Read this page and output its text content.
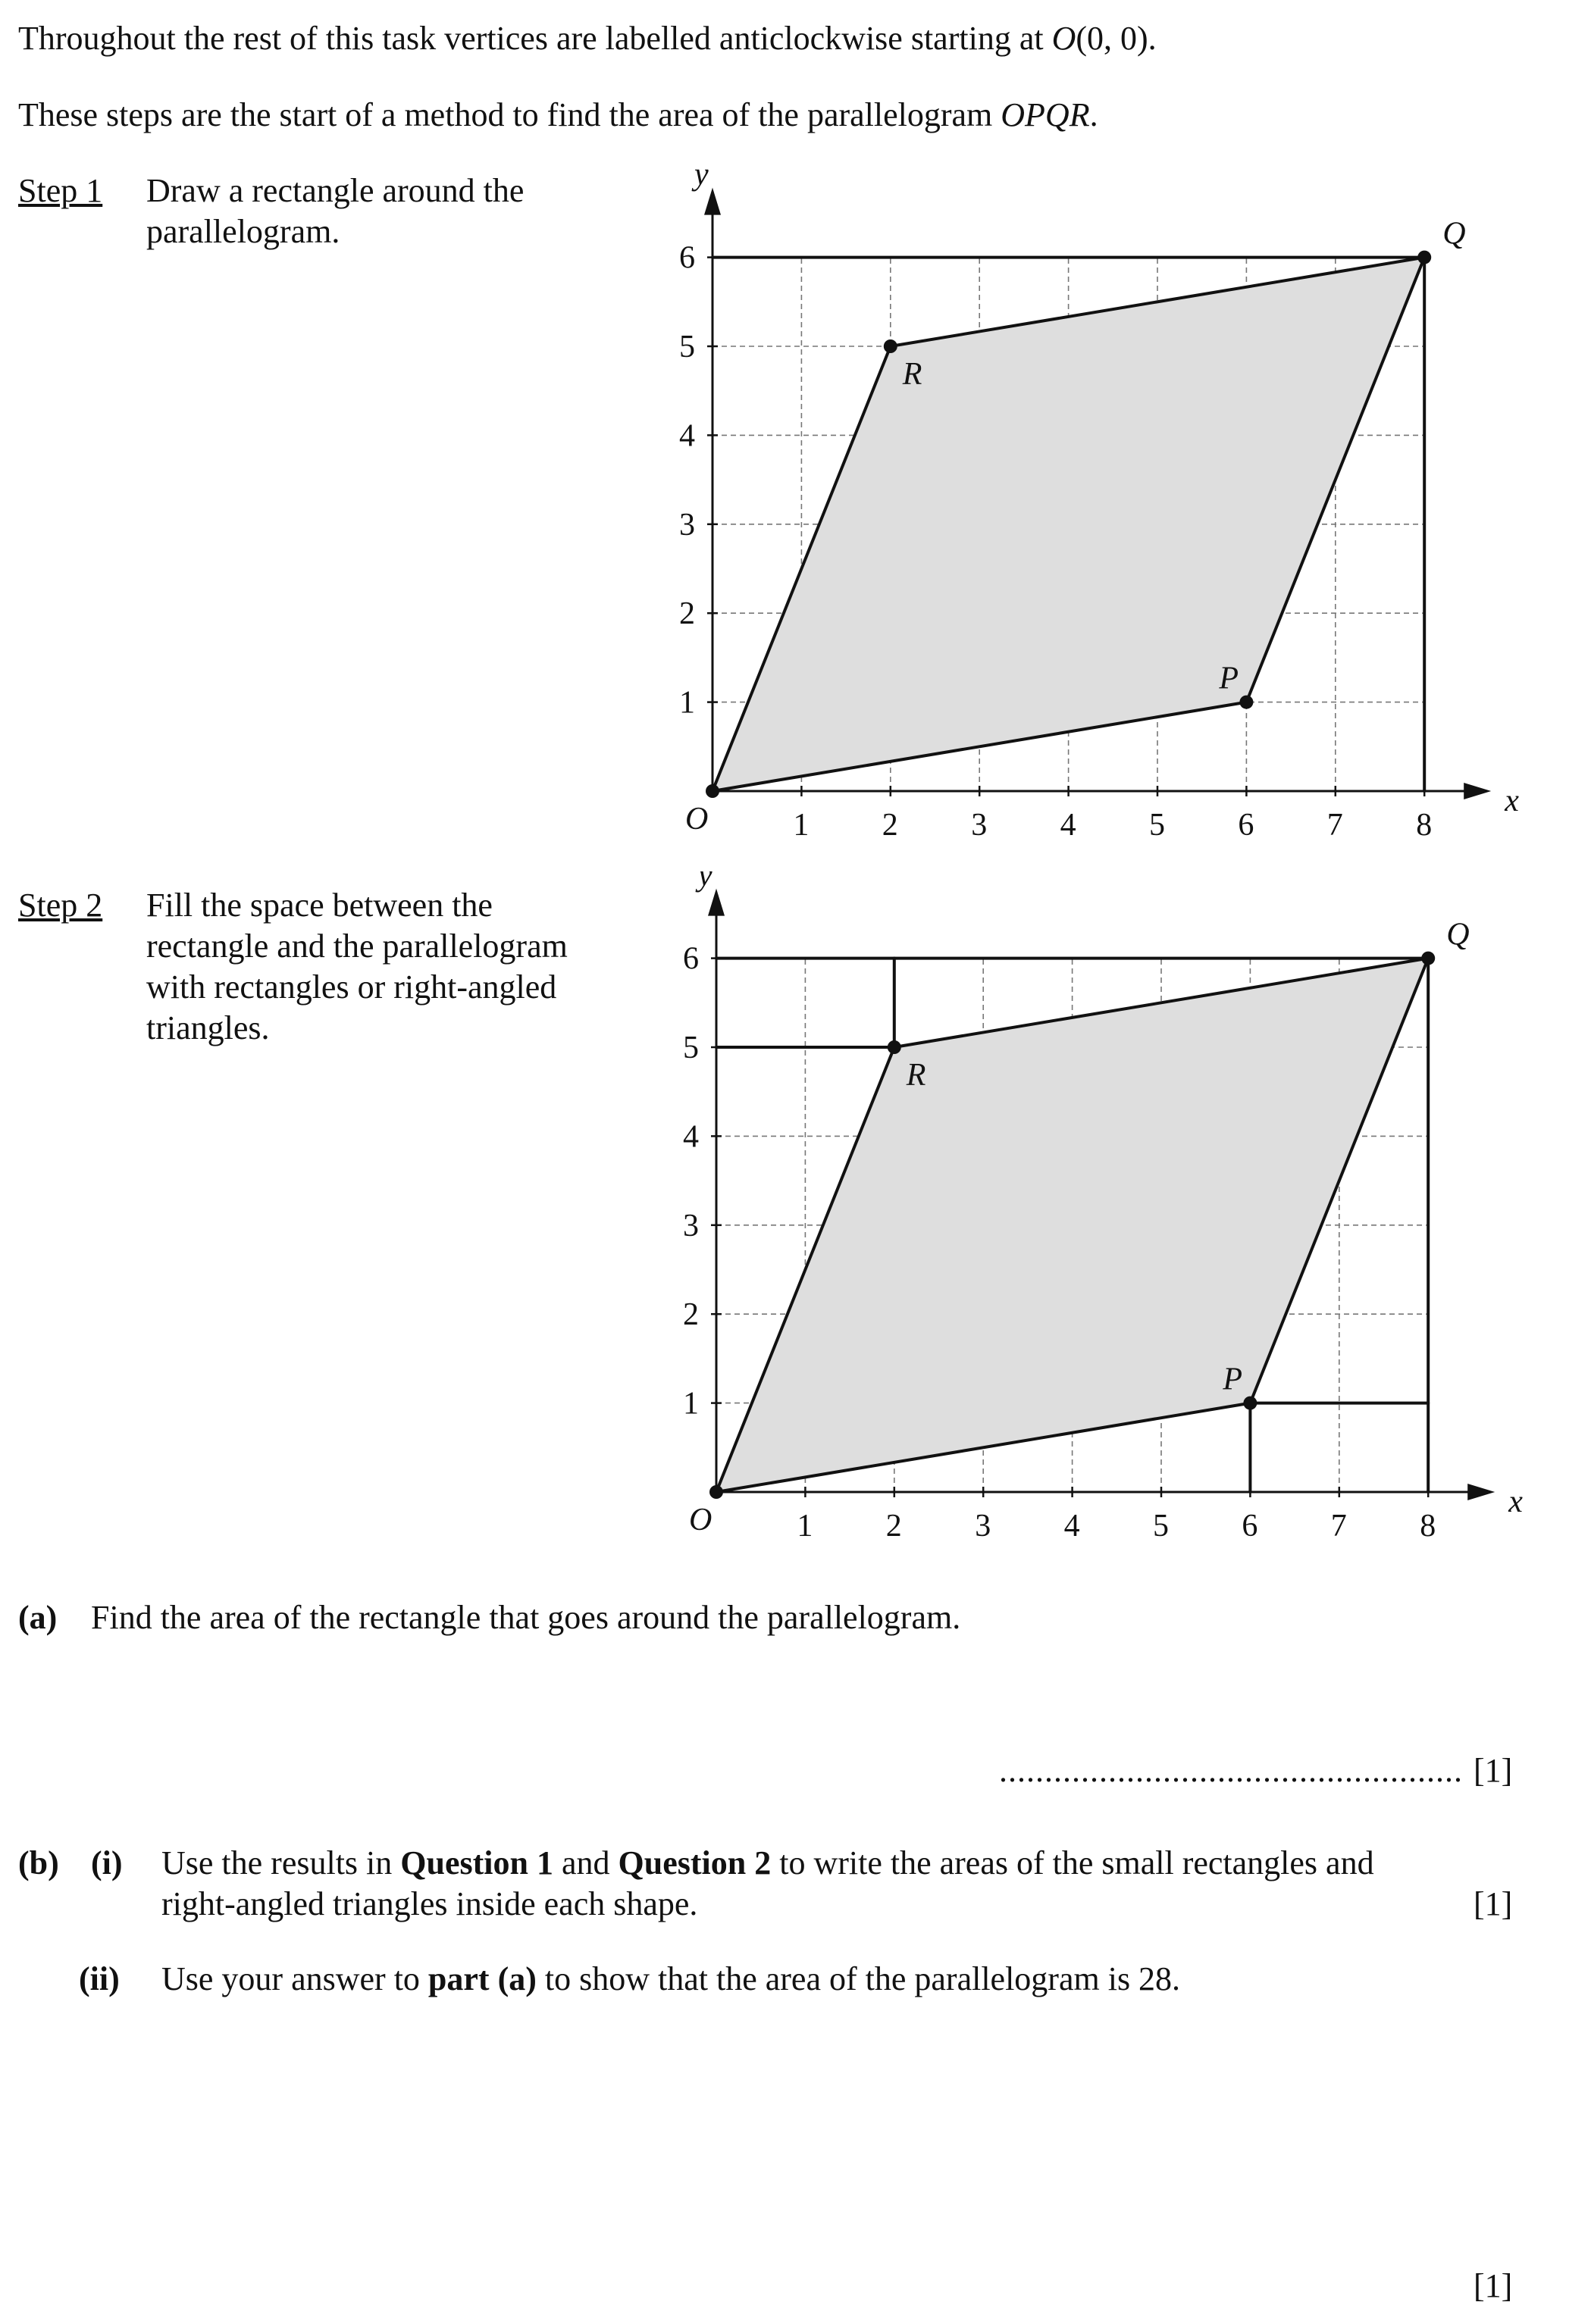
Throughout the rest of this task vertices are labelled anticlockwise starting at O(0, 0).
These steps are the start of a method to find the area of the parallelogram OPQR.
Step 1 Draw a rectangle around the
parallelogram.
Step 2 Fill the space between the
rectangle and the parallelogram
with rectangles or right-angled
triangles.
x
y
1 2 3 4 5 6 7 8
1
2
3
4
5
6
O
P
Q
R
x
y
1 2 3 4 5 6 7 8
1
2
3
4
5
6
O
P
Q
R
(a) Find the area of the rectangle that goes around the parallelogram.
................................................... [1]
(b) (i) Use the results in Question 1 and Question 2 to write the areas of the small rectangles and
right-angled triangles inside each shape.	[1]
(ii) Use your answer to part (a) to show that the area of the parallelogram is 28.
[1]
